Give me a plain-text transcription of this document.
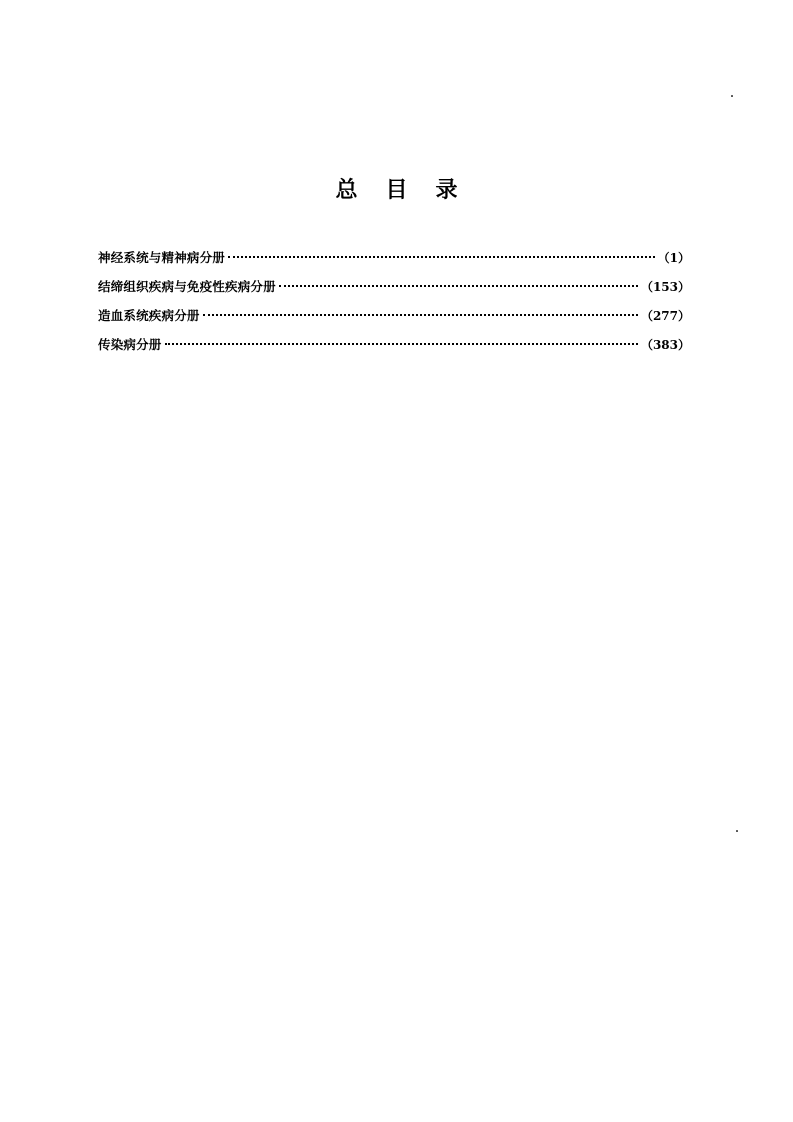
总目录
神经系统与精神病分册	（1）
结缔组织疾病与免疫性疾病分册	（153）
造血系统疾病分册	（277）
传染病分册	（383）
